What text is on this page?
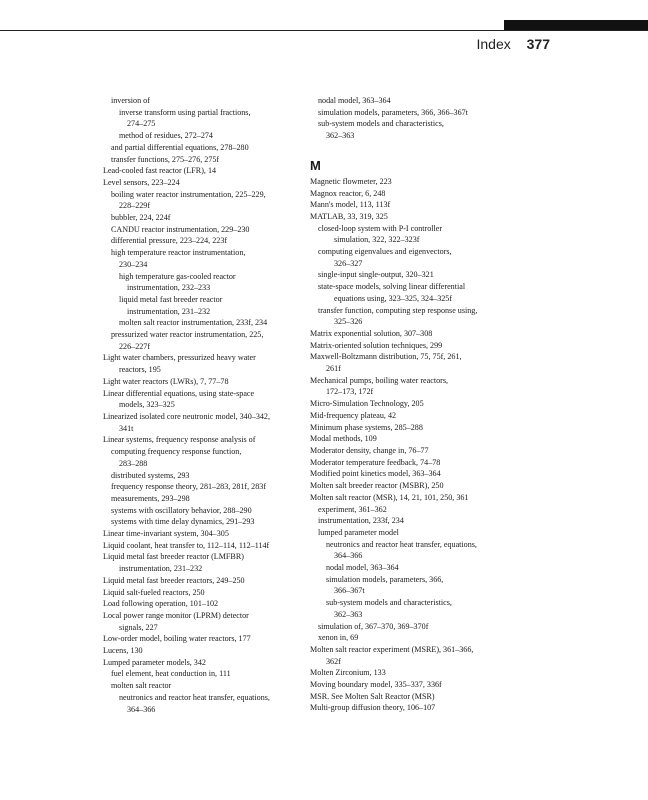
Index 377
inversion of
inverse transform using partial fractions,
274–275
method of residues, 272–274
and partial differential equations, 278–280
transfer functions, 275–276, 275f
Lead-cooled fast reactor (LFR), 14
Level sensors, 223–224
boiling water reactor instrumentation, 225–229,
228–229f
bubbler, 224, 224f
CANDU reactor instrumentation, 229–230
differential pressure, 223–224, 223f
high temperature reactor instrumentation,
230–234
high temperature gas-cooled reactor
instrumentation, 232–233
liquid metal fast breeder reactor
instrumentation, 231–232
molten salt reactor instrumentation, 233f, 234
pressurized water reactor instrumentation, 225,
226–227f
Light water chambers, pressurized heavy water
reactors, 195
Light water reactors (LWRs), 7, 77–78
Linear differential equations, using state-space
models, 323–325
Linearized isolated core neutronic model, 340–342,
341t
Linear systems, frequency response analysis of
computing frequency response function,
283–288
distributed systems, 293
frequency response theory, 281–283, 281f, 283f
measurements, 293–298
systems with oscillatory behavior, 288–290
systems with time delay dynamics, 291–293
Linear time-invariant system, 304–305
Liquid coolant, heat transfer to, 112–114, 112–114f
Liquid metal fast breeder reactor (LMFBR)
instrumentation, 231–232
Liquid metal fast breeder reactors, 249–250
Liquid salt-fueled reactors, 250
Load following operation, 101–102
Local power range monitor (LPRM) detector
signals, 227
Low-order model, boiling water reactors, 177
Lucens, 130
Lumped parameter models, 342
fuel element, heat conduction in, 111
molten salt reactor
neutronics and reactor heat transfer, equations,
364–366
nodal model, 363–364
simulation models, parameters, 366, 366–367t
sub-system models and characteristics,
362–363
M
Magnetic flowmeter, 223
Magnox reactor, 6, 248
Mann's model, 113, 113f
MATLAB, 33, 319, 325
closed-loop system with P-I controller
simulation, 322, 322–323f
computing eigenvalues and eigenvectors,
326–327
single-input single-output, 320–321
state-space models, solving linear differential
equations using, 323–325, 324–325f
transfer function, computing step response using,
325–326
Matrix exponential solution, 307–308
Matrix-oriented solution techniques, 299
Maxwell-Boltzmann distribution, 75, 75f, 261,
261f
Mechanical pumps, boiling water reactors,
172–173, 172f
Micro-Simulation Technology, 205
Mid-frequency plateau, 42
Minimum phase systems, 285–288
Modal methods, 109
Moderator density, change in, 76–77
Moderator temperature feedback, 74–78
Modified point kinetics model, 363–364
Molten salt breeder reactor (MSBR), 250
Molten salt reactor (MSR), 14, 21, 101, 250, 361
experiment, 361–362
instrumentation, 233f, 234
lumped parameter model
neutronics and reactor heat transfer, equations,
364–366
nodal model, 363–364
simulation models, parameters, 366,
366–367t
sub-system models and characteristics,
362–363
simulation of, 367–370, 369–370f
xenon in, 69
Molten salt reactor experiment (MSRE), 361–366,
362f
Molten Zirconium, 133
Moving boundary model, 335–337, 336f
MSR. See Molten Salt Reactor (MSR)
Multi-group diffusion theory, 106–107
